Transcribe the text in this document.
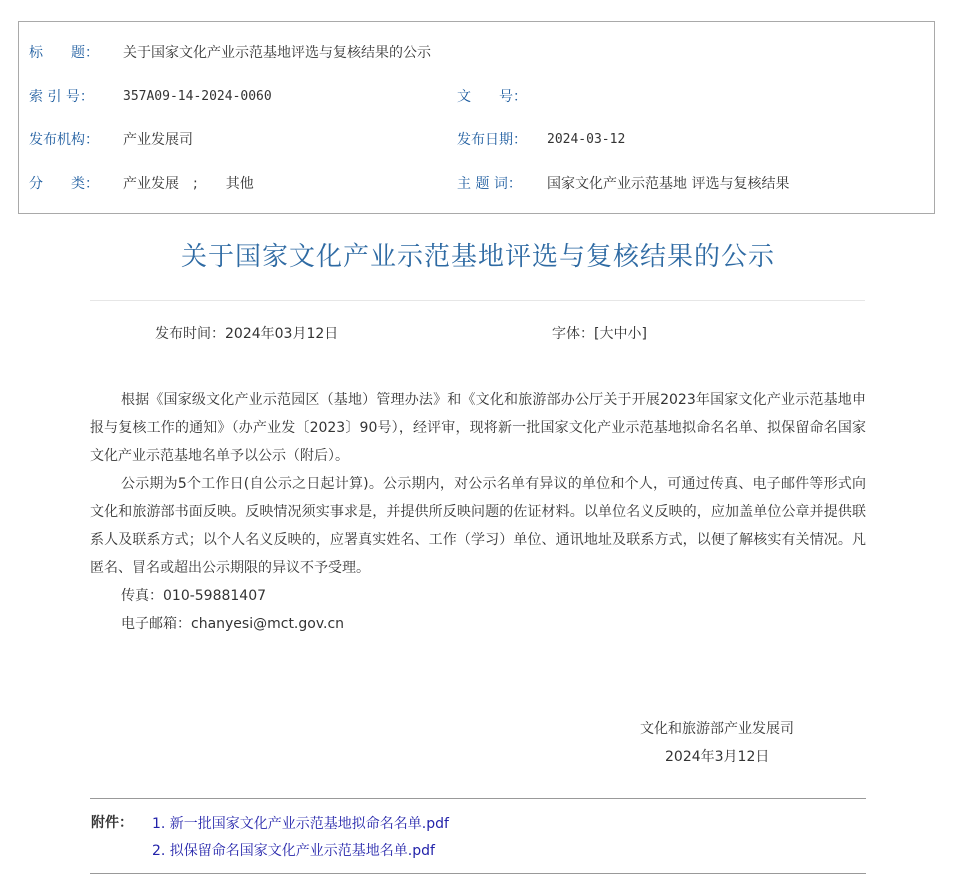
标　　题： 关于国家文化产业示范基地评选与复核结果的公示
索 引 号： 357A09-14-2024-0060	文　　号：
发布机构： 产业发展司	发布日期： 2024-03-12
分　　类： 产业发展　;　　其他	主 题 词： 国家文化产业示范基地 评选与复核结果
关于国家文化产业示范基地评选与复核结果的公示
发布时间：2024年03月12日	字体：[大中小]

根据《国家级文化产业示范园区（基地）管理办法》和《文化和旅游部办公厅关于开展2023年国家文化产业示范基地申报与复核工作的通知》（办产业发〔2023〕90号），经评审，现将新一批国家文化产业示范基地拟命名名单、拟保留命名国家文化产业示范基地名单予以公示（附后）。

公示期为5个工作日(自公示之日起计算)。公示期内，对公示名单有异议的单位和个人，可通过传真、电子邮件等形式向文化和旅游部书面反映。反映情况须实事求是，并提供所反映问题的佐证材料。以单位名义反映的，应加盖单位公章并提供联系人及联系方式；以个人名义反映的，应署真实姓名、工作（学习）单位、通讯地址及联系方式，以便了解核实有关情况。凡匿名、冒名或超出公示期限的异议不予受理。

传真：010-59881407

电子邮箱：chanyesi@mct.gov.cn

文化和旅游部产业发展司
2024年3月12日
附件： 1. 新一批国家文化产业示范基地拟命名名单.pdf
2. 拟保留命名国家文化产业示范基地名单.pdf
